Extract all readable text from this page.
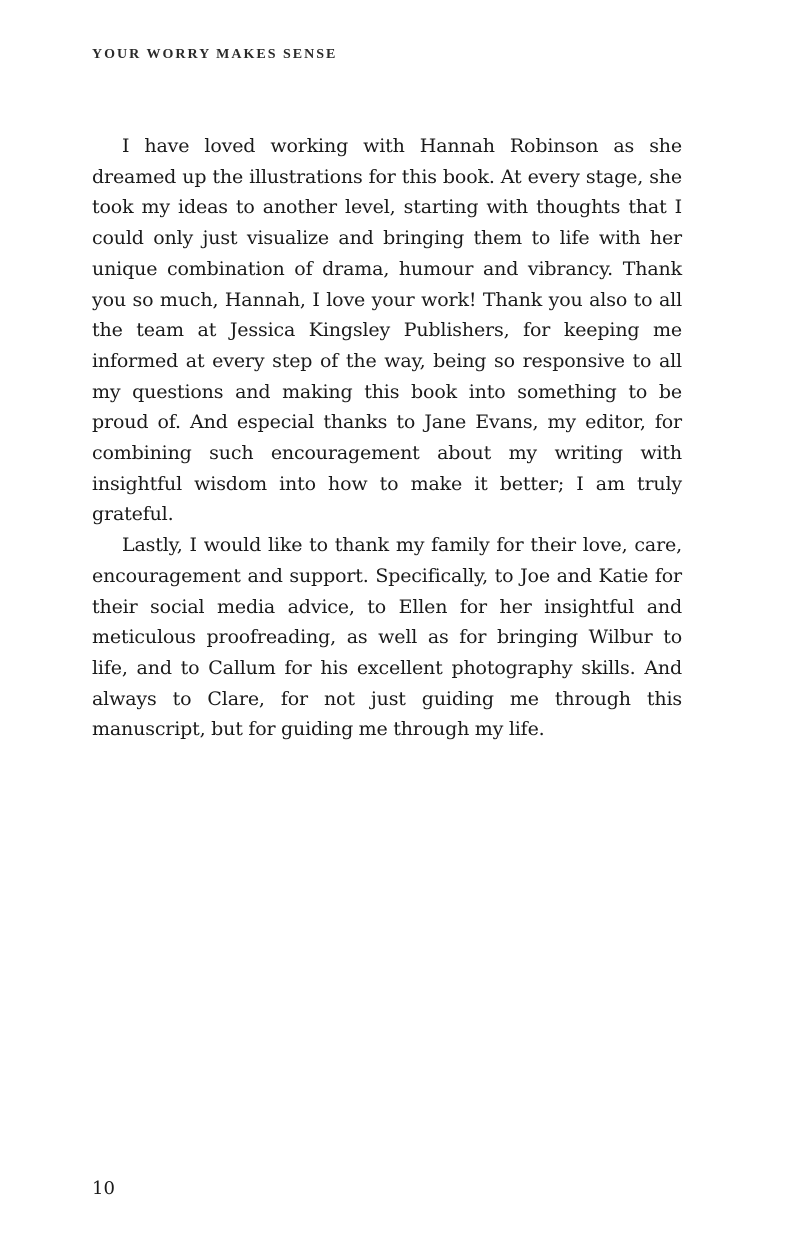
YOUR WORRY MAKES SENSE

I have loved working with Hannah Robinson as she dreamed up the illustrations for this book. At every stage, she took my ideas to another level, starting with thoughts that I could only just visualize and bringing them to life with her unique combination of drama, humour and vibrancy. Thank you so much, Hannah, I love your work! Thank you also to all the team at Jessica Kingsley Publishers, for keeping me informed at every step of the way, being so responsive to all my questions and making this book into something to be proud of. And especial thanks to Jane Evans, my editor, for combining such encouragement about my writing with insightful wisdom into how to make it better; I am truly grateful.

Lastly, I would like to thank my family for their love, care, encouragement and support. Specifically, to Joe and Katie for their social media advice, to Ellen for her insightful and meticulous proofreading, as well as for bringing Wilbur to life, and to Callum for his excellent photography skills. And always to Clare, for not just guiding me through this manuscript, but for guiding me through my life.

10
